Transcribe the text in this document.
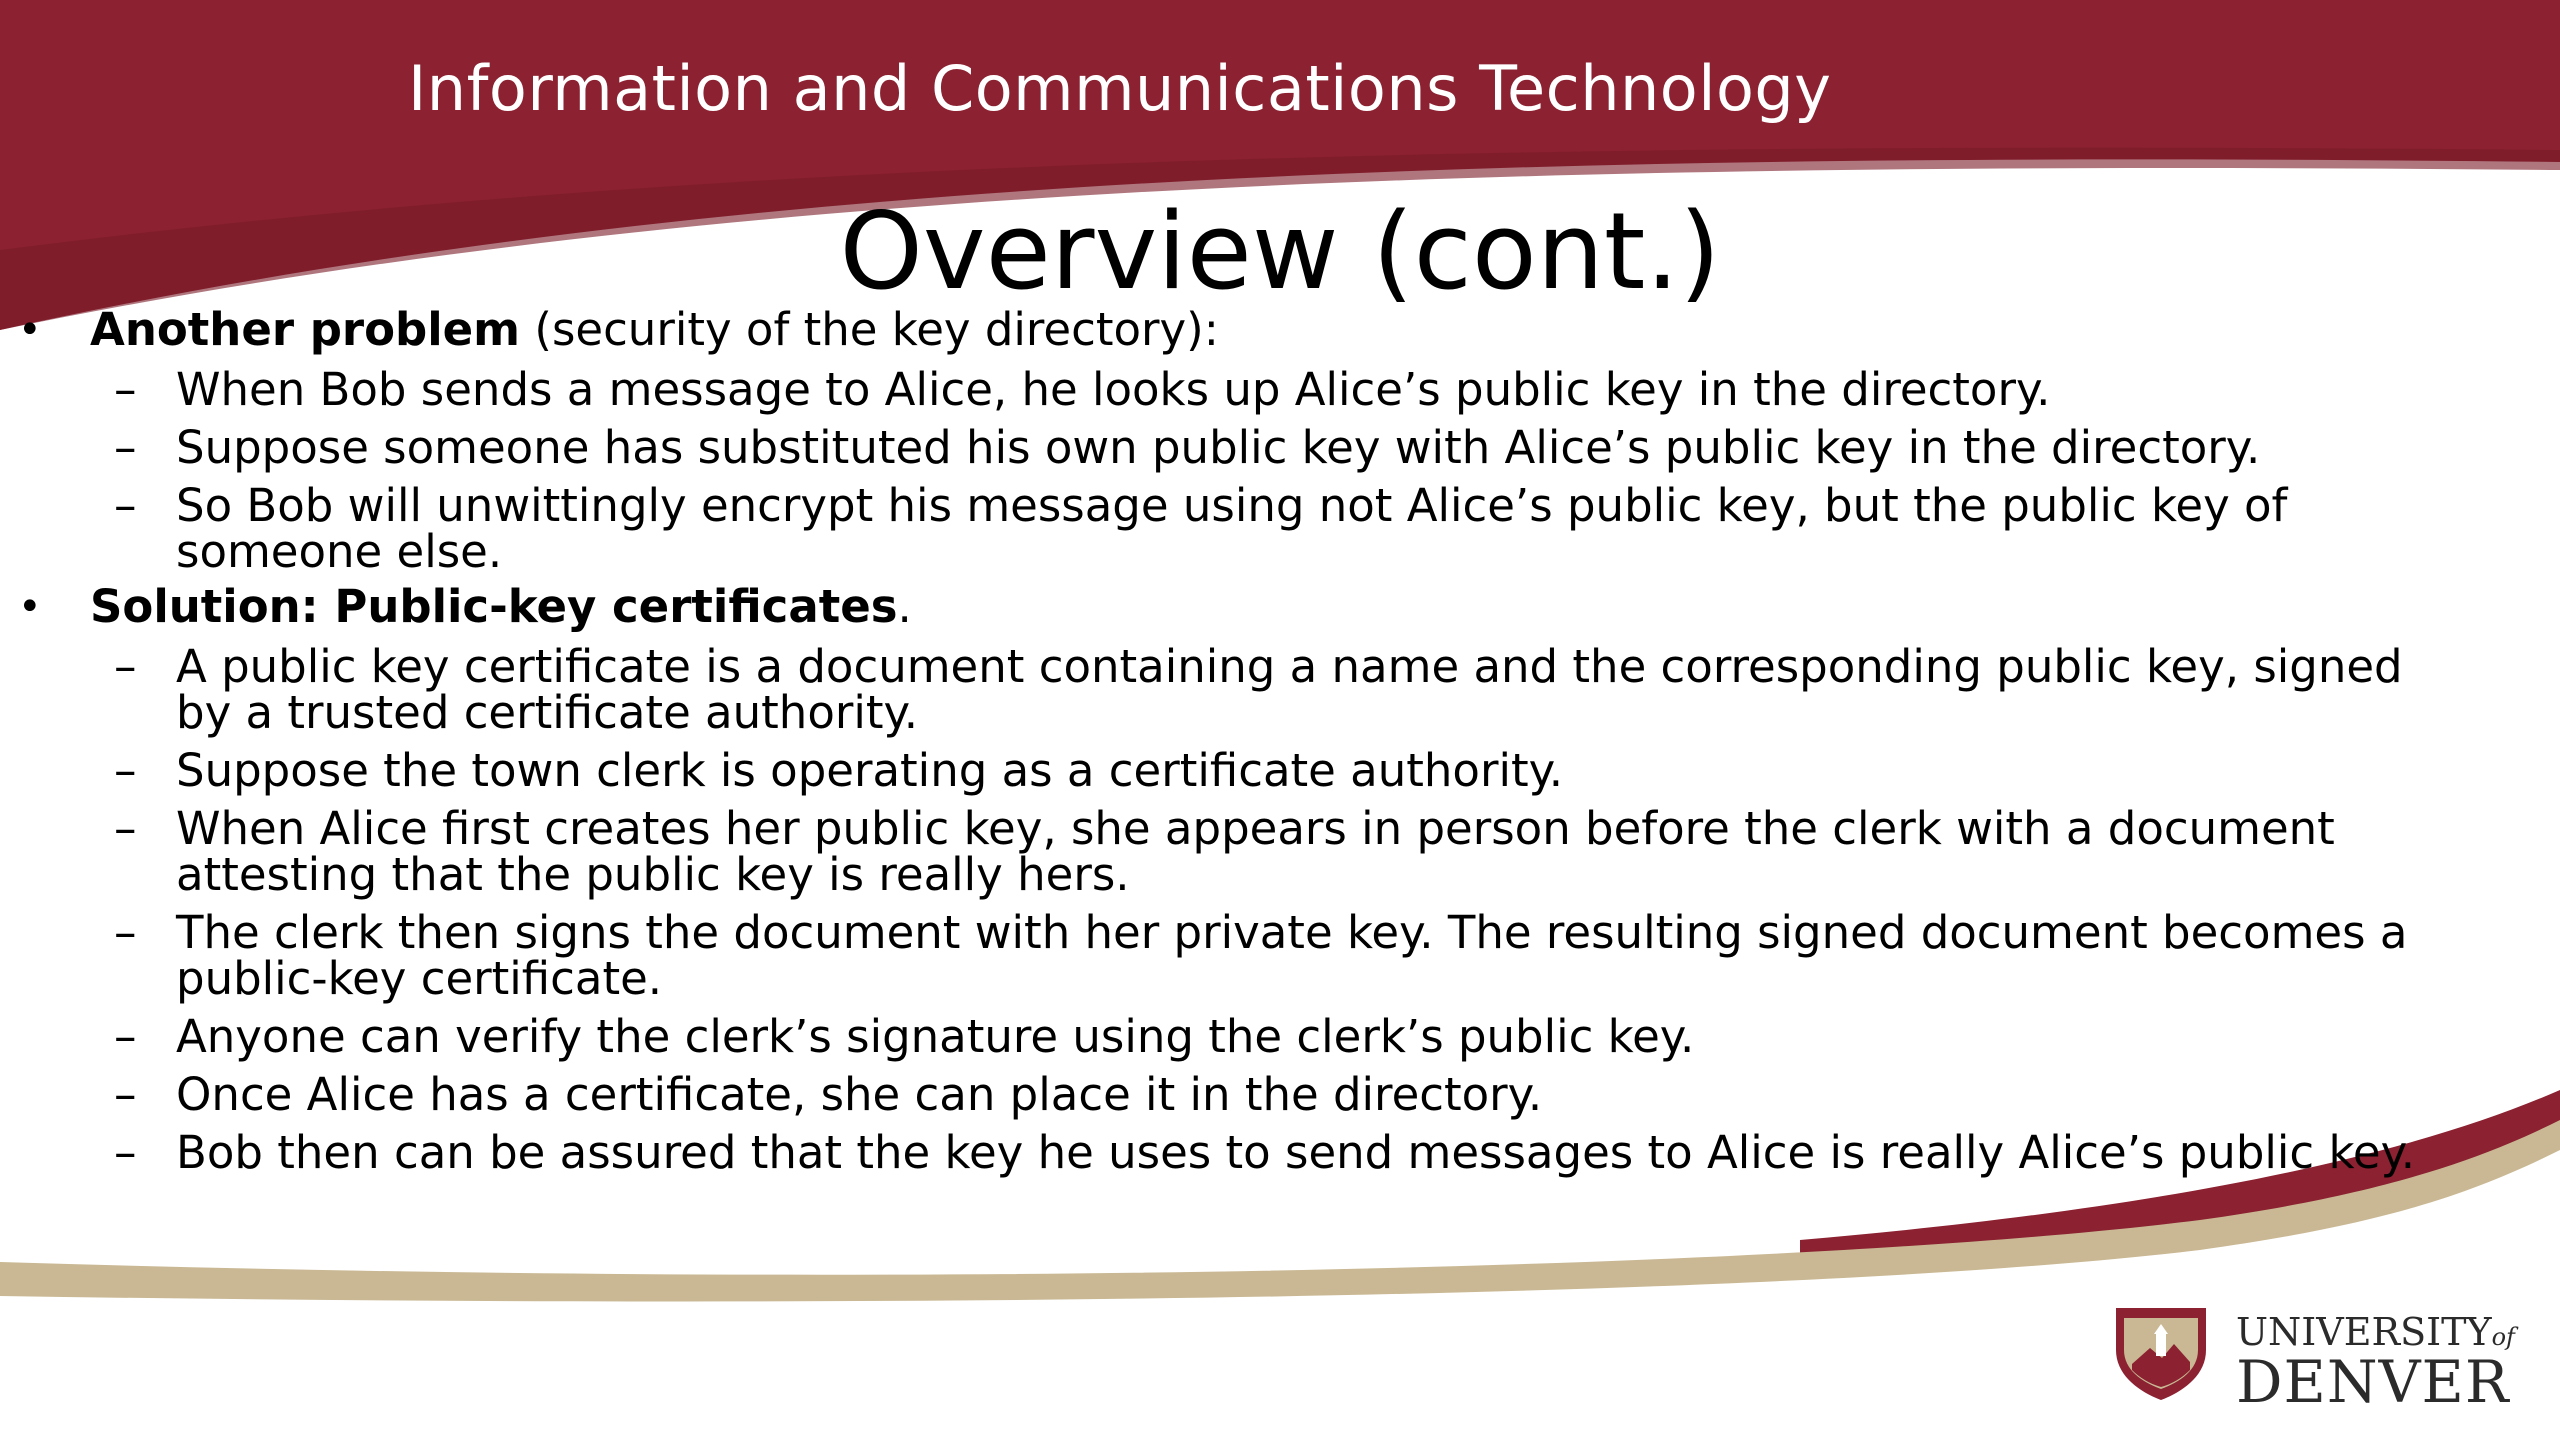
Information and Communications Technology
Overview (cont.)
• Another problem (security of the key directory):
– When Bob sends a message to Alice, he looks up Alice’s public key in the directory.
– Suppose someone has substituted his own public key with Alice’s public key in the directory.
– So Bob will unwittingly encrypt his message using not Alice’s public key, but the public key of someone else.
• Solution: Public-key certificates.
– A public key certificate is a document containing a name and the corresponding public key, signed by a trusted certificate authority.
– Suppose the town clerk is operating as a certificate authority.
– When Alice first creates her public key, she appears in person before the clerk with a document attesting that the public key is really hers.
– The clerk then signs the document with her private key. The resulting signed document becomes a public-key certificate.
– Anyone can verify the clerk’s signature using the clerk’s public key.
– Once Alice has a certificate, she can place it in the directory.
– Bob then can be assured that the key he uses to send messages to Alice is really Alice’s public key.
UNIVERSITYof
DENVER
